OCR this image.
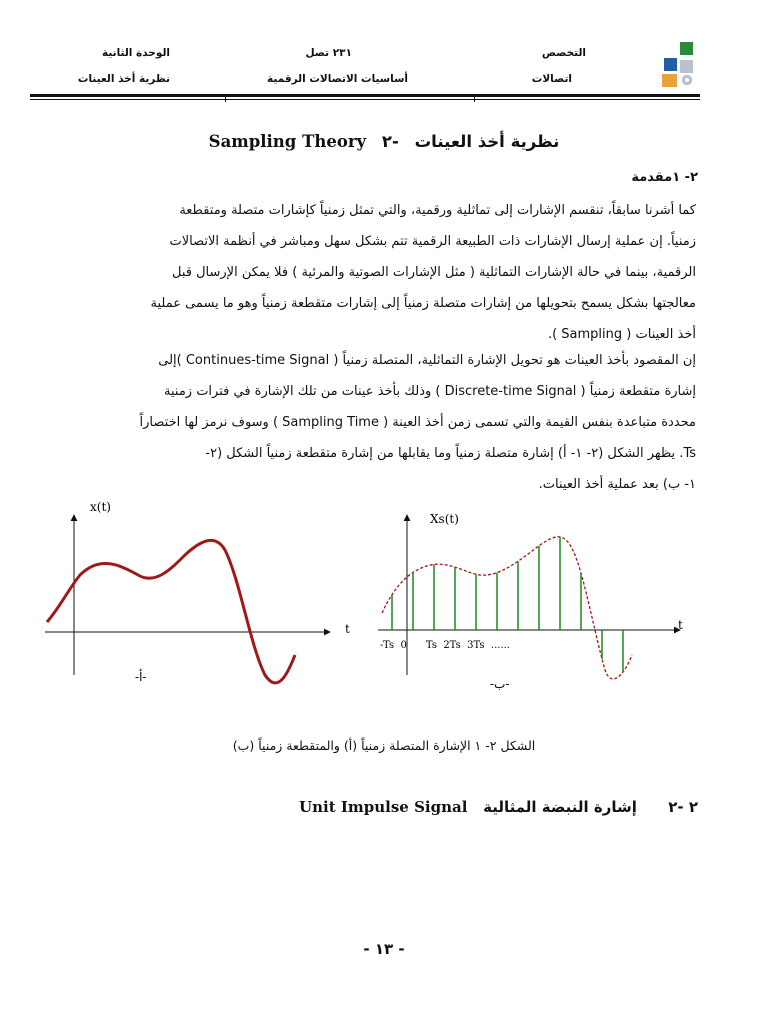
التخصص
اتصالات
٢٣١ تصل
أساسيات الاتصالات الرقمية
الوحدة الثانية
نظرية أخذ العينات
Sampling Theory	نظرية أخذ العينات -٢
٢- ١مقدمة
كما أشرنا سابقاً، تنقسم الإشارات إلى تماثلية ورقمية، والتي تمثل زمنياً كإشارات متصلة ومتقطعة
زمنياً. إن عملية إرسال الإشارات ذات الطبيعة الرقمية تتم بشكل سهل ومباشر في أنظمة الاتصالات
الرقمية، بينما في حالة الإشارات التماثلية ( مثل الإشارات الصوتية والمرئية ) فلا يمكن الإرسال قبل
معالجتها بشكل يسمح بتحويلها من إشارات متصلة زمنياً إلى إشارات متقطعة زمنياً وهو ما يسمى عملية
أخذ العينات ( Sampling ).
إن المقصود بأخذ العينات هو تحويل الإشارة التماثلية، المتصلة زمنياً ( Continues-time Signal )إلى
إشارة متقطعة زمنياً ( Discrete-time Signal ) وذلك بأخذ عينات من تلك الإشارة في فترات زمنية
محددة متباعدة بنفس القيمة والتي تسمى زمن أخذ العينة ( Sampling Time ) وسوف نرمز لها اختصاراً
Ts. يظهر الشكل (٢- ١- أ) إشارة متصلة زمنياً وما يقابلها من إشارة متقطعة زمنياً الشكل (٢-
١- ب) بعد عملية أخذ العينات.
x(t)
t
-أ-
Xs(t)
t
-Ts  0      Ts  2Ts  3Ts  ......
-ب-
الشكل ٢- ١ الإشارة المتصلة زمنياً (أ) والمتقطعة زمنياً (ب)
٢ -٢      إشارة النبضة المثالية   Unit Impulse Signal
- ١٣ -
